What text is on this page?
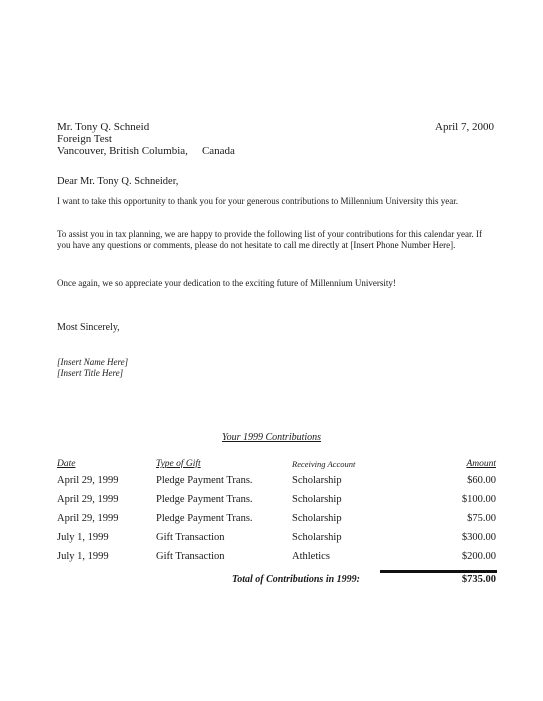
Mr. Tony Q. Schneid
Foreign Test
Vancouver, British Columbia, Canada
April 7, 2000
Dear Mr. Tony Q. Schneider,
I want to take this opportunity to thank you for your generous contributions to Millennium University this year.
To assist you in tax planning, we are happy to provide the following list of your contributions for this calendar year. If you have any questions or comments, please do not hesitate to call me directly at [Insert Phone Number Here].
Once again, we so appreciate your dedication to the exciting future of Millennium University!
Most Sincerely,
[Insert Name Here]
[Insert Title Here]
Your 1999 Contributions
Date	Type of Gift	Receiving Account	Amount
April 29, 1999	Pledge Payment Trans.	Scholarship	$60.00
April 29, 1999	Pledge Payment Trans.	Scholarship	$100.00
April 29, 1999	Pledge Payment Trans.	Scholarship	$75.00
July 1, 1999	Gift Transaction	Scholarship	$300.00
July 1, 1999	Gift Transaction	Athletics	$200.00
Total of Contributions in 1999:	$735.00
